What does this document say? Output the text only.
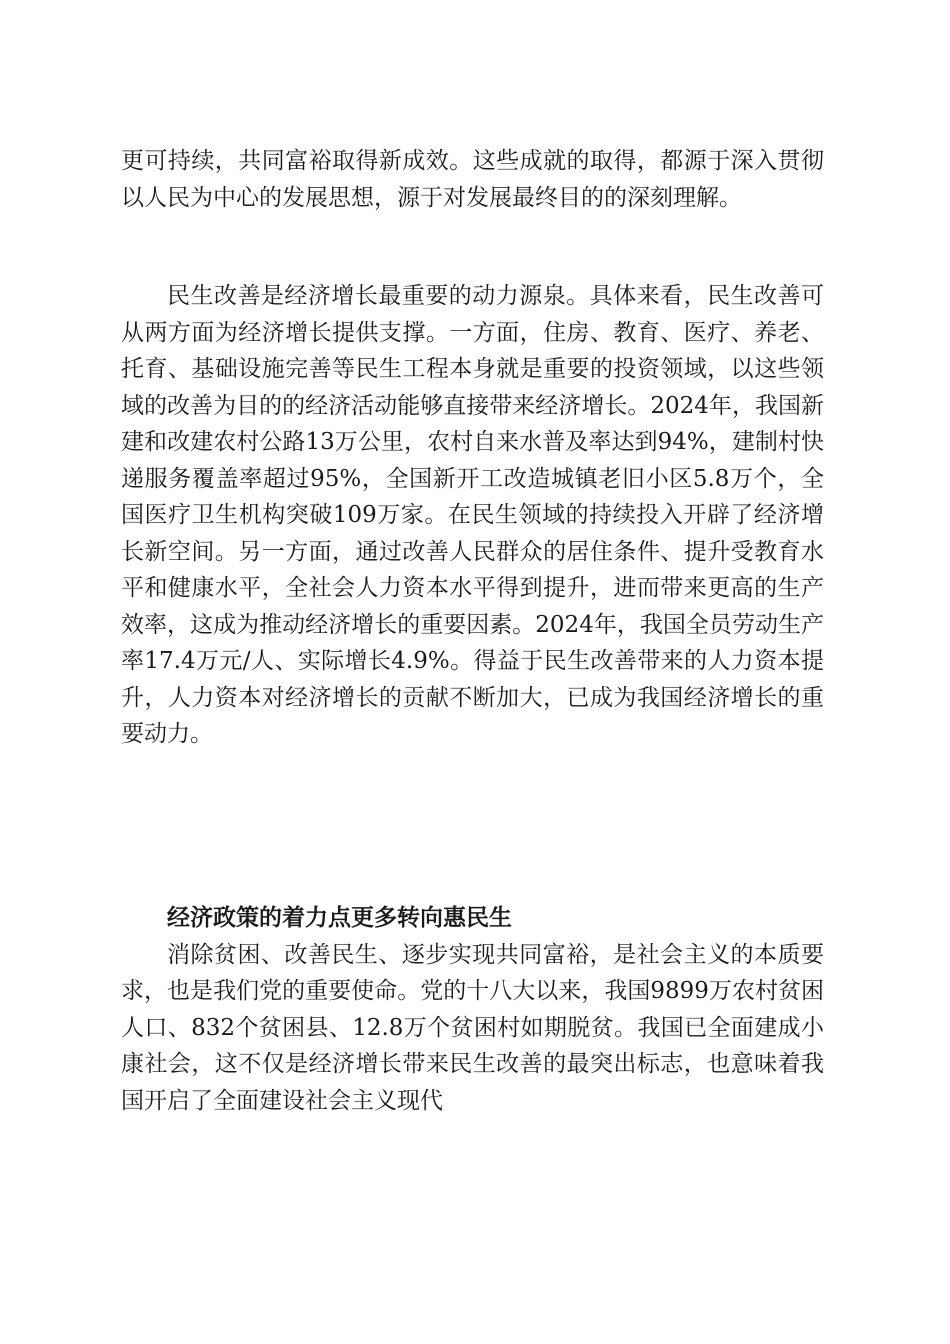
更可持续，共同富裕取得新成效。这些成就的取得，都源于深入贯彻以人民为中心的发展思想，源于对发展最终目的的深刻理解。

民生改善是经济增长最重要的动力源泉。具体来看，民生改善可从两方面为经济增长提供支撑。一方面，住房、教育、医疗、养老、托育、基础设施完善等民生工程本身就是重要的投资领域，以这些领域的改善为目的的经济活动能够直接带来经济增长。2024年，我国新建和改建农村公路13万公里，农村自来水普及率达到94%，建制村快递服务覆盖率超过95%，全国新开工改造城镇老旧小区5.8万个，全国医疗卫生机构突破109万家。在民生领域的持续投入开辟了经济增长新空间。另一方面，通过改善人民群众的居住条件、提升受教育水平和健康水平，全社会人力资本水平得到提升，进而带来更高的生产效率，这成为推动经济增长的重要因素。2024年，我国全员劳动生产率17.4万元/人、实际增长4.9%。得益于民生改善带来的人力资本提升，人力资本对经济增长的贡献不断加大，已成为我国经济增长的重要动力。

经济政策的着力点更多转向惠民生

消除贫困、改善民生、逐步实现共同富裕，是社会主义的本质要求，也是我们党的重要使命。党的十八大以来，我国9899万农村贫困人口、832个贫困县、12.8万个贫困村如期脱贫。我国已全面建成小康社会，这不仅是经济增长带来民生改善的最突出标志，也意味着我国开启了全面建设社会主义现代
